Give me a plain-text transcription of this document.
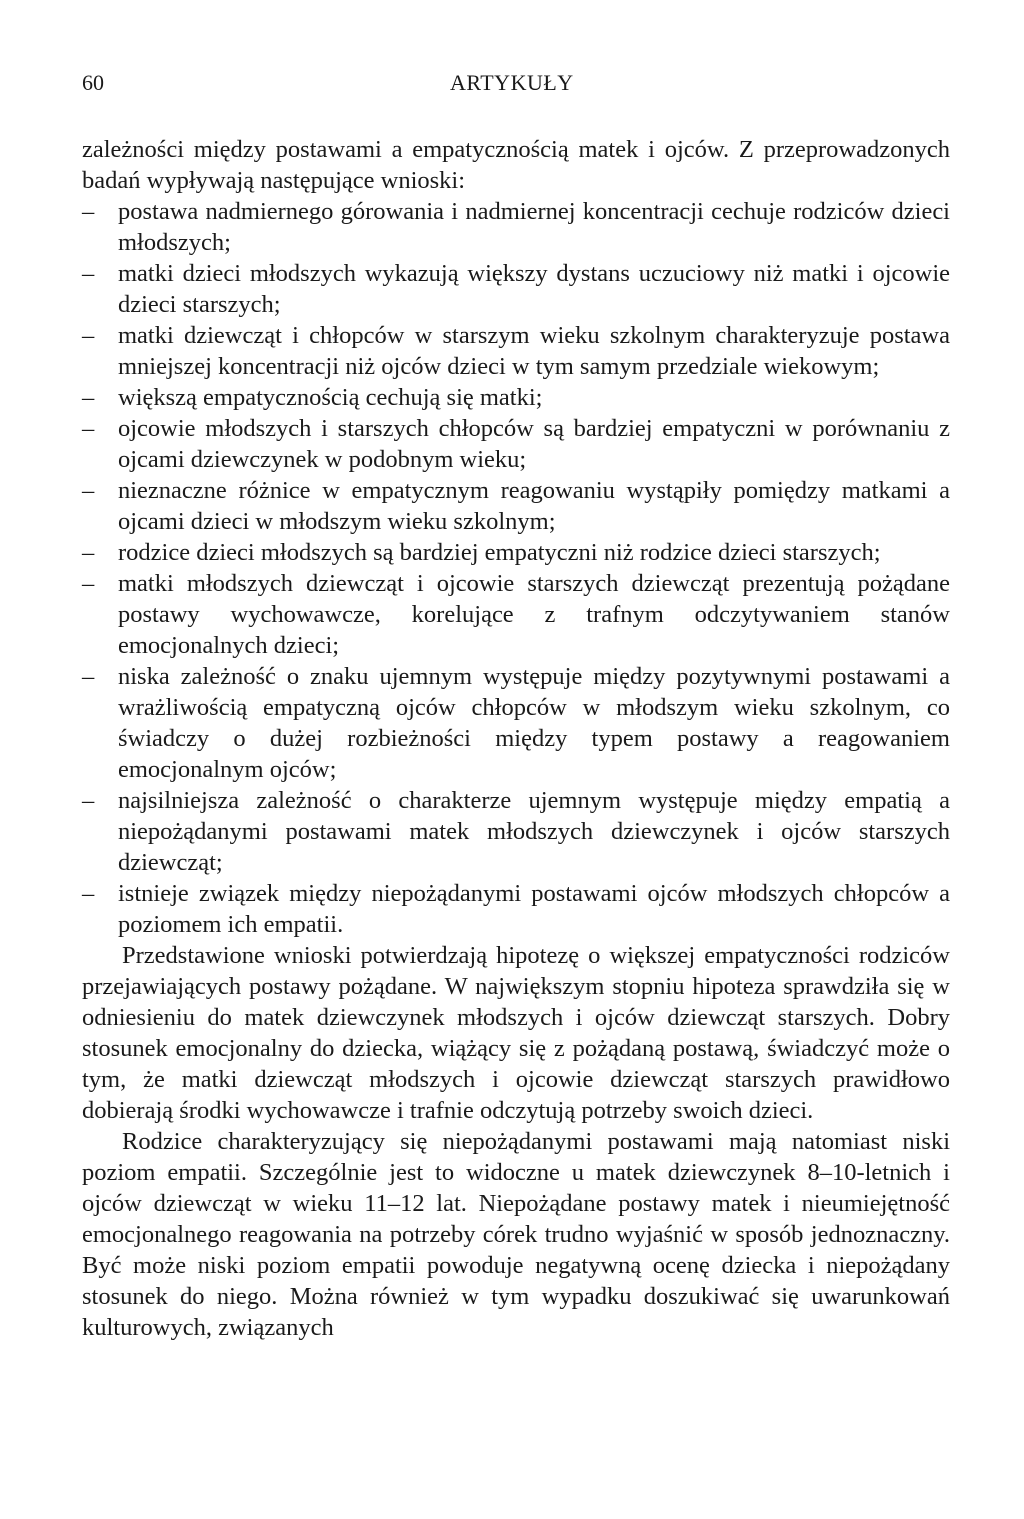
60	ARTYKUŁY

zależności między postawami a empatycznością matek i ojców. Z przeprowadzonych badań wypływają następujące wnioski:

– postawa nadmiernego górowania i nadmiernej koncentracji cechuje rodziców dzieci młodszych;
– matki dzieci młodszych wykazują większy dystans uczuciowy niż matki i ojcowie dzieci starszych;
– matki dziewcząt i chłopców w starszym wieku szkolnym charakteryzuje postawa mniejszej koncentracji niż ojców dzieci w tym samym przedziale wiekowym;
– większą empatycznością cechują się matki;
– ojcowie młodszych i starszych chłopców są bardziej empatyczni w porównaniu z ojcami dziewczynek w podobnym wieku;
– nieznaczne różnice w empatycznym reagowaniu wystąpiły pomiędzy matkami a ojcami dzieci w młodszym wieku szkolnym;
– rodzice dzieci młodszych są bardziej empatyczni niż rodzice dzieci starszych;
– matki młodszych dziewcząt i ojcowie starszych dziewcząt prezentują pożądane postawy wychowawcze, korelujące z trafnym odczytywaniem stanów emocjonalnych dzieci;
– niska zależność o znaku ujemnym występuje między pozytywnymi postawami a wrażliwością empatyczną ojców chłopców w młodszym wieku szkolnym, co świadczy o dużej rozbieżności między typem postawy a reagowaniem emocjonalnym ojców;
– najsilniejsza zależność o charakterze ujemnym występuje między empatią a niepożądanymi postawami matek młodszych dziewczynek i ojców starszych dziewcząt;
– istnieje związek między niepożądanymi postawami ojców młodszych chłopców a poziomem ich empatii.

Przedstawione wnioski potwierdzają hipotezę o większej empatyczności rodziców przejawiających postawy pożądane. W największym stopniu hipoteza sprawdziła się w odniesieniu do matek dziewczynek młodszych i ojców dziewcząt starszych. Dobry stosunek emocjonalny do dziecka, wiążący się z pożądaną postawą, świadczyć może o tym, że matki dziewcząt młodszych i ojcowie dziewcząt starszych prawidłowo dobierają środki wychowawcze i trafnie odczytują potrzeby swoich dzieci.

Rodzice charakteryzujący się niepożądanymi postawami mają natomiast niski poziom empatii. Szczególnie jest to widoczne u matek dziewczynek 8–10-letnich i ojców dziewcząt w wieku 11–12 lat. Niepożądane postawy matek i nieumiejętność emocjonalnego reagowania na potrzeby córek trudno wyjaśnić w sposób jednoznaczny. Być może niski poziom empatii powoduje negatywną ocenę dziecka i niepożądany stosunek do niego. Można również w tym wypadku doszukiwać się uwarunkowań kulturowych, związanych
